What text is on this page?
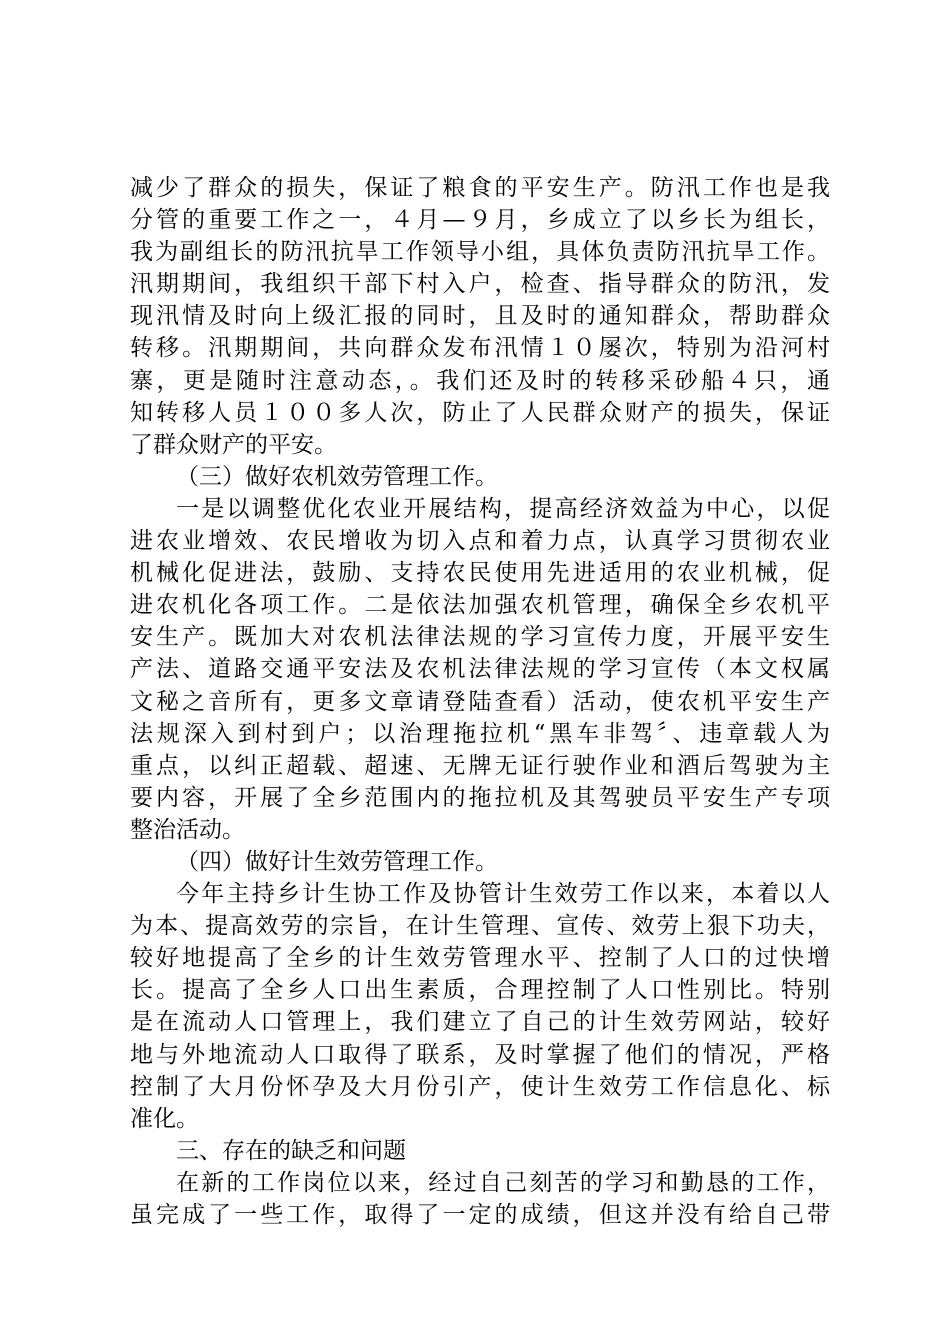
减少了群众的损失，保证了粮食的平安生产。防汛工作也是我
分管的重要工作之一，４月—９月，乡成立了以乡长为组长，
我为副组长的防汛抗旱工作领导小组，具体负责防汛抗旱工作。
汛期期间，我组织干部下村入户，检查、指导群众的防汛，发
现汛情及时向上级汇报的同时，且及时的通知群众，帮助群众
转移。汛期期间，共向群众发布汛情１０屡次，特别为沿河村
寨，更是随时注意动态，。我们还及时的转移采砂船４只，通
知转移人员１００多人次，防止了人民群众财产的损失，保证
了群众财产的平安。
（三）做好农机效劳管理工作。
一是以调整优化农业开展结构，提高经济效益为中心，以促
进农业增效、农民增收为切入点和着力点，认真学习贯彻农业
机械化促进法，鼓励、支持农民使用先进适用的农业机械，促
进农机化各项工作。二是依法加强农机管理，确保全乡农机平
安生产。既加大对农机法律法规的学习宣传力度，开展平安生
产法、道路交通平安法及农机法律法规的学习宣传（本文权属
文秘之音所有，更多文章请登陆查看）活动，使农机平安生产
法规深入到村到户；以治理拖拉机“黑车非驾〞、违章载人为
重点，以纠正超载、超速、无牌无证行驶作业和酒后驾驶为主
要内容，开展了全乡范围内的拖拉机及其驾驶员平安生产专项
整治活动。
（四）做好计生效劳管理工作。
今年主持乡计生协工作及协管计生效劳工作以来，本着以人
为本、提高效劳的宗旨，在计生管理、宣传、效劳上狠下功夫，
较好地提高了全乡的计生效劳管理水平、控制了人口的过快增
长。提高了全乡人口出生素质，合理控制了人口性别比。特别
是在流动人口管理上，我们建立了自己的计生效劳网站，较好
地与外地流动人口取得了联系，及时掌握了他们的情况，严格
控制了大月份怀孕及大月份引产，使计生效劳工作信息化、标
准化。
三、存在的缺乏和问题
在新的工作岗位以来，经过自己刻苦的学习和勤恳的工作，
虽完成了一些工作，取得了一定的成绩，但这并没有给自己带
